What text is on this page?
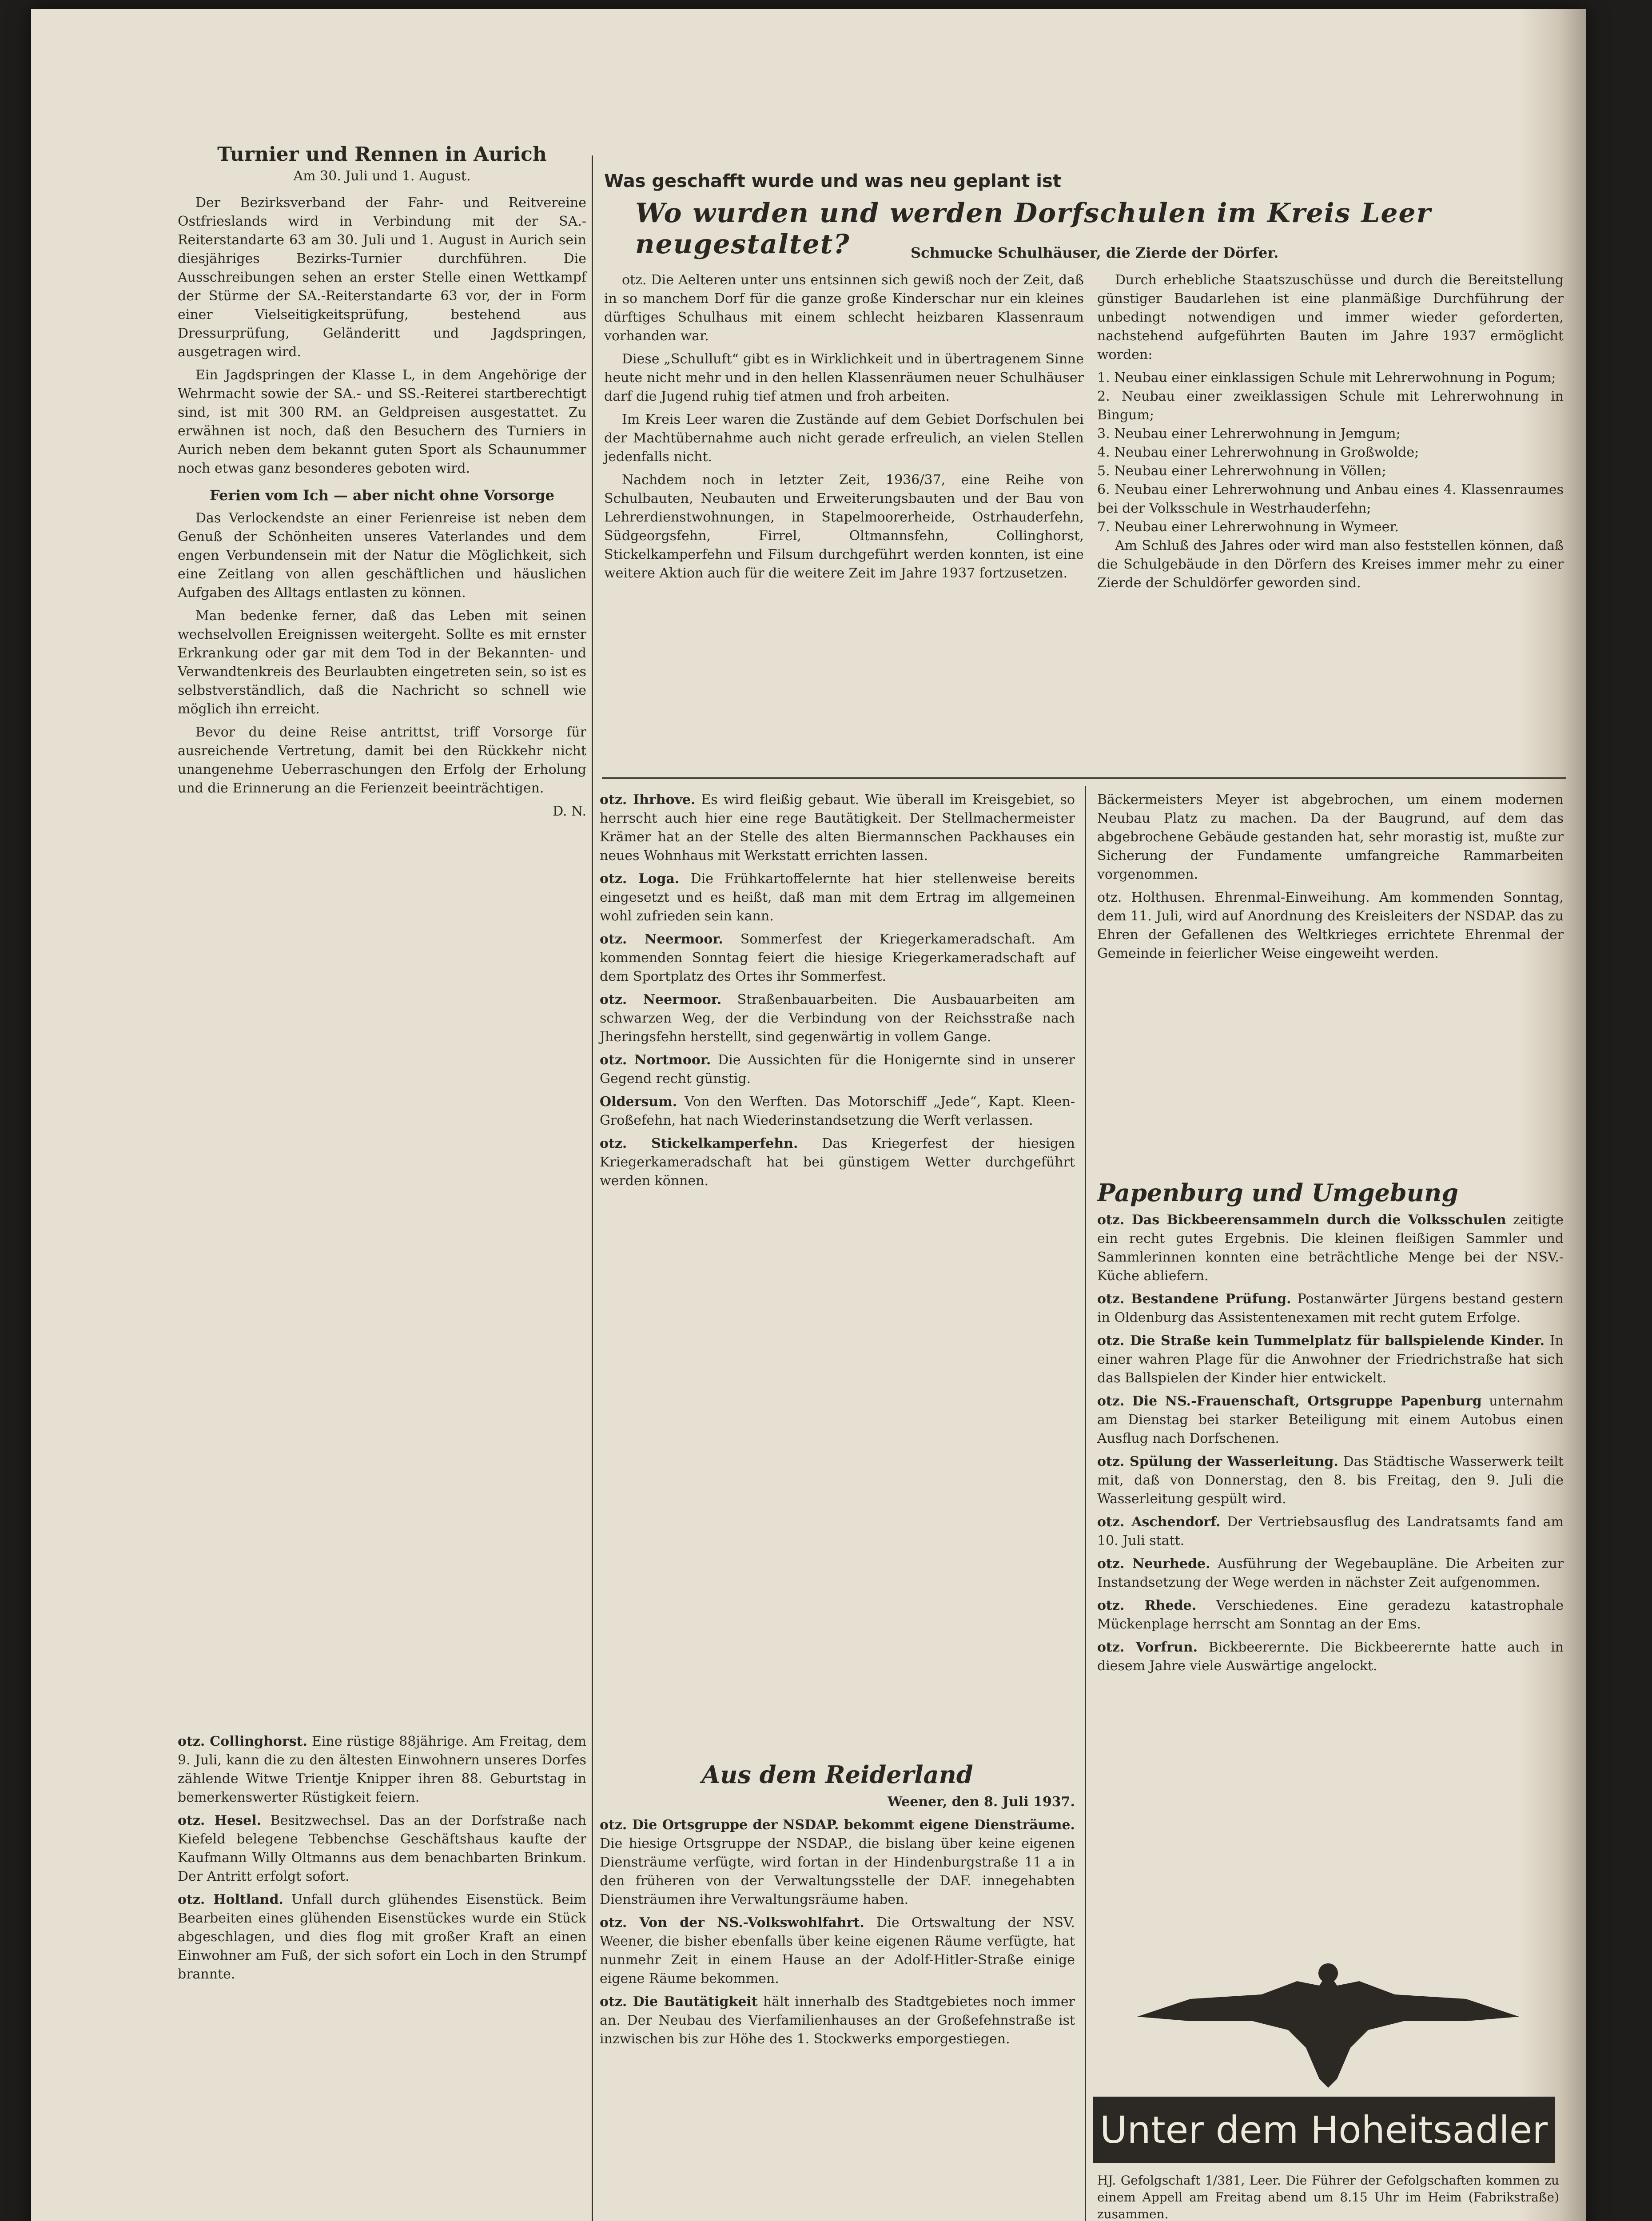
Was geschafft wurde und was neu geplant ist
Wo wurden und werden Dorfschulen im Kreis Leer neugestaltet?	Schmucke Schulhäuser, die Zierde der Dörfer.
Turnier und Rennen in Aurich
Am 30. Juli und 1. August.

Der Bezirksverband der Fahr- und Reitvereine Ostfrieslands wird in Verbindung mit der SA.-Reiterstandarte 63 am 30. Juli und 1. August in Aurich sein diesjähriges Bezirks-Turnier durchführen. Die Ausschreibungen sehen an erster Stelle einen Wettkampf der Stürme der SA.-Reiterstandarte 63 vor, der in Form einer Vielseitigkeitsprüfung, bestehend aus Dressurprüfung, Geländeritt und Jagdspringen, ausgetragen wird.

Ein Jagdspringen der Klasse L, in dem Angehörige der Wehrmacht sowie der SA.- und SS.-Reiterei startberechtigt sind, ist mit 300 RM. an Geldpreisen ausgestattet. Zu erwähnen ist noch, daß den Besuchern des Turniers in Aurich neben dem bekannt guten Sport als Schaunummer noch etwas ganz besonderes geboten wird.

Ferien vom Ich — aber nicht ohne Vorsorge

Das Verlockendste an einer Ferienreise ist neben dem Genuß der Schönheiten unseres Vaterlandes und dem engen Verbundensein mit der Natur die Möglichkeit, sich eine Zeitlang von allen geschäftlichen und häuslichen Aufgaben des Alltags entlasten zu können.

Man bedenke ferner, daß das Leben mit seinen wechselvollen Ereignissen weitergeht. Sollte es mit ernster Erkrankung oder gar mit dem Tod in der Bekannten- und Verwandtenkreis des Beurlaubten eingetreten sein, so ist es selbstverständlich, daß die Nachricht so schnell wie möglich ihn erreicht.

Bevor du deine Reise antrittst, triff Vorsorge für ausreichende Vertretung, damit bei den Rückkehr nicht unangenehme Ueberraschungen den Erfolg der Erholung und die Erinnerung an die Ferienzeit beeinträchtigen.

D. N.

otz. Collinghorst. Eine rüstige 88jährige. Am Freitag, dem 9. Juli, kann die zu den ältesten Einwohnern unseres Dorfes zählende Witwe Trientje Knipper ihren 88. Geburtstag in bemerkenswerter Rüstigkeit feiern.

otz. Hesel. Besitzwechsel. Das an der Dorfstraße nach Kiefeld belegene Tebbenchse Geschäftshaus kaufte der Kaufmann Willy Oltmanns aus dem benachbarten Brinkum. Der Antritt erfolgt sofort.

otz. Holtland. Unfall durch glühendes Eisenstück. Beim Bearbeiten eines glühenden Eisenstückes wurde ein Stück abgeschlagen, und dies flog mit großer Kraft an einen Einwohner am Fuß, der sich sofort ein Loch in den Strumpf brannte.

otz. Die Aelteren unter uns entsinnen sich gewiß noch der Zeit, daß in so manchem Dorf für die ganze große Kinderschar nur ein kleines dürftiges Schulhaus mit einem schlecht heizbaren Klassenraum vorhanden war.

Diese „Schulluft“ gibt es in Wirklichkeit und in übertragenem Sinne heute nicht mehr und in den hellen Klassenräumen neuer Schulhäuser darf die Jugend ruhig tief atmen und froh arbeiten.

Im Kreis Leer waren die Zustände auf dem Gebiet Dorfschulen bei der Machtübernahme auch nicht gerade erfreulich, an vielen Stellen jedenfalls nicht.

Nachdem noch in letzter Zeit, 1936/37, eine Reihe von Schulbauten, Neubauten und Erweiterungsbauten und der Bau von Lehrerdienstwohnungen, in Stapelmoorerheide, Ostrhauderfehn, Südgeorgsfehn, Firrel, Oltmannsfehn, Collinghorst, Stickelkamperfehn und Filsum durchgeführt werden konnten, ist eine weitere Aktion auch für die weitere Zeit im Jahre 1937 fortzusetzen.

Durch erhebliche Staatszuschüsse und durch die Bereitstellung günstiger Baudarlehen ist eine planmäßige Durchführung der unbedingt notwendigen und immer wieder geforderten, nachstehend aufgeführten Bauten im Jahre 1937 ermöglicht worden:

1. Neubau einer einklassigen Schule mit Lehrerwohnung in Pogum;
2. Neubau einer zweiklassigen Schule mit Lehrerwohnung in Bingum;
3. Neubau einer Lehrerwohnung in Jemgum;
4. Neubau einer Lehrerwohnung in Großwolde;
5. Neubau einer Lehrerwohnung in Völlen;
6. Neubau einer Lehrerwohnung und Anbau eines 4. Klassenraumes bei der Volksschule in Westrhauderfehn;
7. Neubau einer Lehrerwohnung in Wymeer.

Am Schluß des Jahres oder wird man also feststellen können, daß die Schulgebäude in den Dörfern des Kreises immer mehr zu einer Zierde der Schuldörfer geworden sind.

otz. Ihrhove. Es wird fleißig gebaut. Wie überall im Kreisgebiet, so herrscht auch hier eine rege Bautätigkeit. Der Stellmachermeister Krämer hat an der Stelle des alten Biermannschen Packhauses ein neues Wohnhaus mit Werkstatt errichten lassen.

otz. Loga. Die Frühkartoffelernte hat hier stellenweise bereits eingesetzt und es heißt, daß man mit dem Ertrag im allgemeinen wohl zufrieden sein kann.

otz. Neermoor. Sommerfest der Kriegerkameradschaft. Am kommenden Sonntag feiert die hiesige Kriegerkameradschaft auf dem Sportplatz des Ortes ihr Sommerfest.

otz. Neermoor. Straßenbauarbeiten. Die Ausbauarbeiten am schwarzen Weg, der die Verbindung von der Reichsstraße nach Jheringsfehn herstellt, sind gegenwärtig in vollem Gange.

otz. Nortmoor. Die Aussichten für die Honigernte sind in unserer Gegend recht günstig.

Oldersum. Von den Werften. Das Motorschiff „Jede“, Kapt. Kleen-Großefehn, hat nach Wiederinstandsetzung die Werft verlassen.

otz. Stickelkamperfehn. Das Kriegerfest der hiesigen Kriegerkameradschaft hat bei günstigem Wetter durchgeführt werden können.

Aus dem Reiderland
Weener, den 8. Juli 1937.

otz. Die Ortsgruppe der NSDAP. bekommt eigene Diensträume. Die hiesige Ortsgruppe der NSDAP., die bislang über keine eigenen Diensträume verfügte, wird fortan in der Hindenburgstraße 11 a in den früheren von der Verwaltungsstelle der DAF. innegehabten Diensträumen ihre Verwaltungsräume haben.

otz. Von der NS.-Volkswohlfahrt. Die Ortswaltung der NSV. Weener, die bisher ebenfalls über keine eigenen Räume verfügte, hat nunmehr Zeit in einem Hause an der Adolf-Hitler-Straße einige eigene Räume bekommen.

otz. Die Bautätigkeit hält innerhalb des Stadtgebietes noch immer an. Der Neubau des Vierfamilienhauses an der Großefehnstraße ist inzwischen bis zur Höhe des 1. Stockwerks emporgestiegen.

Bäckermeisters Meyer ist abgebrochen, um einem modernen Neubau Platz zu machen. Da der Baugrund, auf dem das abgebrochene Gebäude gestanden hat, sehr morastig ist, mußte zur Sicherung der Fundamente umfangreiche Rammarbeiten vorgenommen.

otz. Holthusen. Ehrenmal-Einweihung. Am kommenden Sonntag, dem 11. Juli, wird auf Anordnung des Kreisleiters der NSDAP. das zu Ehren der Gefallenen des Weltkrieges errichtete Ehrenmal der Gemeinde in feierlicher Weise eingeweiht werden.

Papenburg und Umgebung

otz. Das Bickbeerensammeln durch die Volksschulen zeitigte ein recht gutes Ergebnis. Die kleinen fleißigen Sammler und Sammlerinnen konnten eine beträchtliche Menge bei der NSV.-Küche abliefern.

otz. Bestandene Prüfung. Postanwärter Jürgens bestand gestern in Oldenburg das Assistentenexamen mit recht gutem Erfolge.

otz. Die Straße kein Tummelplatz für ballspielende Kinder. In einer wahren Plage für die Anwohner der Friedrichstraße hat sich das Ballspielen der Kinder hier entwickelt.

otz. Die NS.-Frauenschaft, Ortsgruppe Papenburg unternahm am Dienstag bei starker Beteiligung mit einem Autobus einen Ausflug nach Dorfschenen.

otz. Spülung der Wasserleitung. Das Städtische Wasserwerk teilt mit, daß von Donnerstag, den 8. bis Freitag, den 9. Juli die Wasserleitung gespült wird.

otz. Aschendorf. Der Vertriebsausflug des Landratsamts fand am 10. Juli statt.

otz. Neurhede. Ausführung der Wegebaupläne. Die Arbeiten zur Instandsetzung der Wege werden in nächster Zeit aufgenommen.

otz. Rhede. Verschiedenes. Eine geradezu katastrophale Mückenplage herrscht am Sonntag an der Ems.

otz. Vorfrun. Bickbeerernte. Die Bickbeerernte hatte auch in diesem Jahre viele Auswärtige angelockt.

Unter dem Hoheitsadler
HJ. Gefolgschaft 1/381, Leer. Die Führer der Gefolgschaften kommen zu einem Appell am Freitag abend um 8.15 Uhr im Heim (Fabrikstraße) zusammen.
